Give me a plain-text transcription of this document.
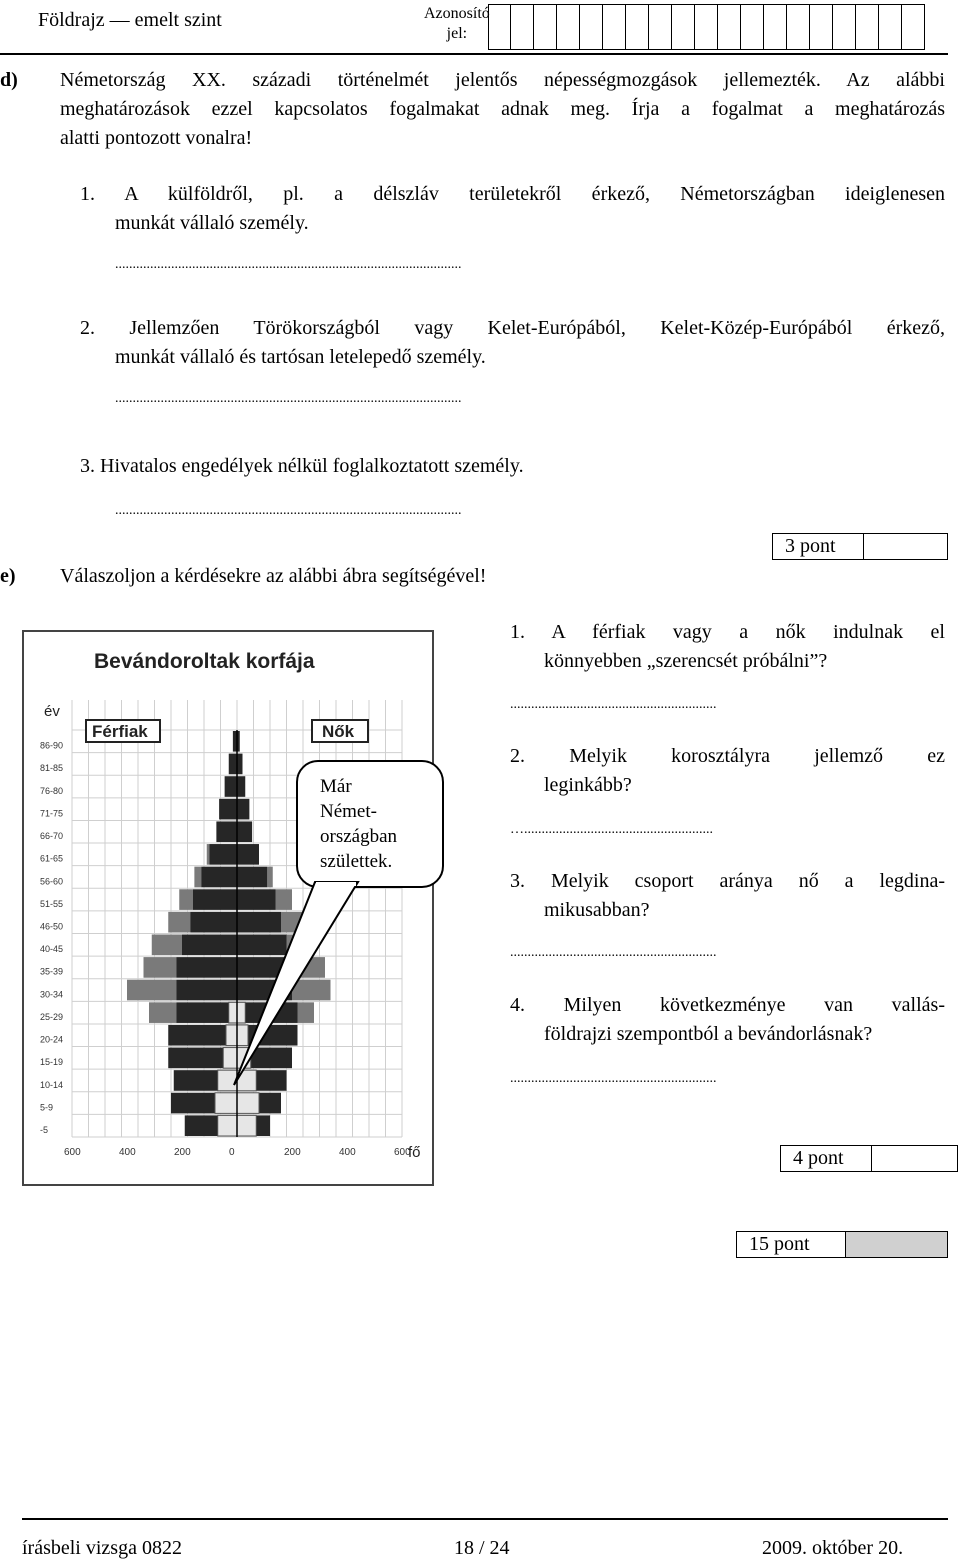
Földrajz — emelt szint	Azonosító
jel:
d) Németország XX. századi történelmét jelentős népességmozgások jellemezték. Az alábbi
meghatározások ezzel kapcsolatos fogalmakat adnak meg. Írja a fogalmat a meghatározás
alatti pontozott vonalra!
1. A külföldről, pl. a délszláv területekről érkező, Németországban ideiglenesen
munkát vállaló személy.
...................................................................................................
2. Jellemzően Törökországból vagy Kelet-Európából, Kelet-Közép-Európából érkező,
munkát vállaló és tartósan letelepedő személy.
...................................................................................................
3. Hivatalos engedélyek nélkül foglalkoztatott személy.
...................................................................................................
3 pont
e) Válaszoljon a kérdésekre az alábbi ábra segítségével!
Bevándoroltak korfája
év
Férfiak	Nők
-5
5-9
10-14
15-19
20-24
25-29
30-34
35-39
40-45
46-50
51-55
56-60
61-65
66-70
71-75
76-80
81-85
86-90
600	400	200	0	200	400	600
fő
Már
Német-
országban
születtek.
1. A férfiak vagy a nők indulnak el
könnyebben „szerencsét próbálni”?
...........................................................
2. Melyik korosztályra jellemző ez
leginkább?
…......................................................
3. Melyik csoport aránya nő a legdina-
mikusabban?
...........................................................
4. Milyen következménye van vallás-
földrajzi szempontból a bevándorlásnak?
...........................................................
4 pont
15 pont
írásbeli vizsga 0822	18 / 24	2009. október 20.
